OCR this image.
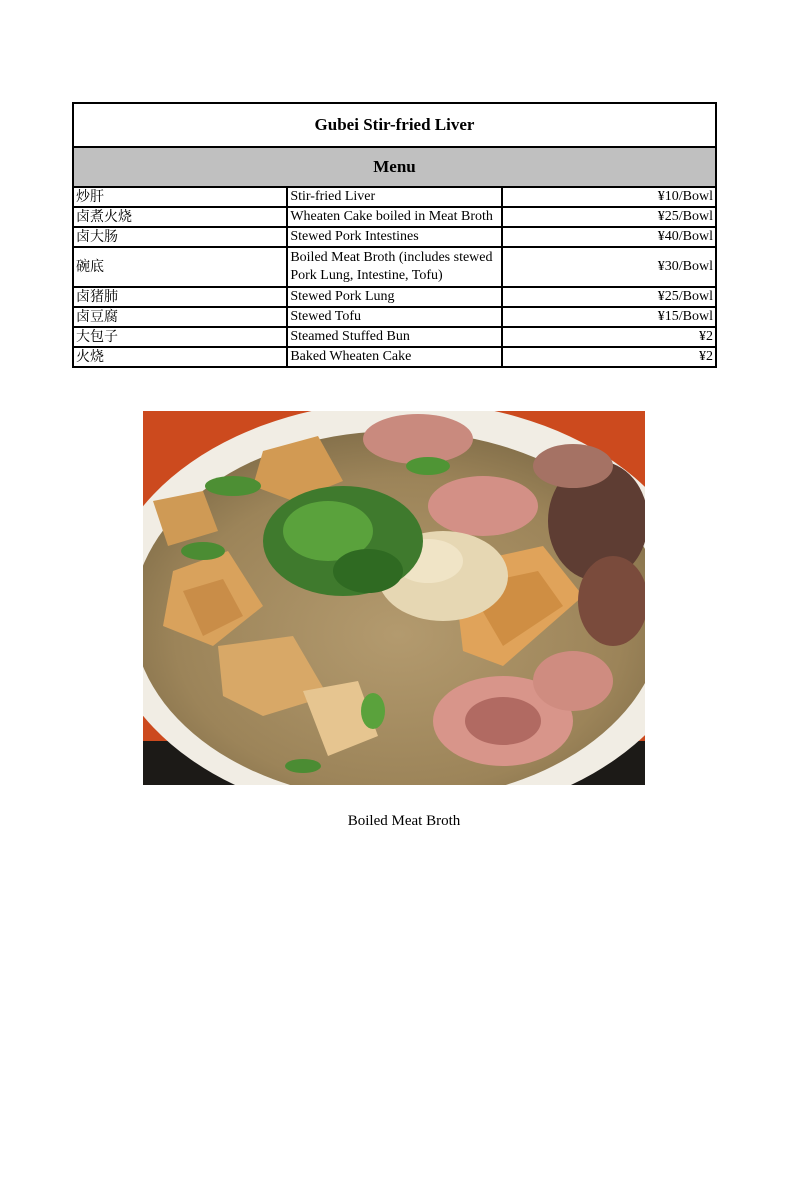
Gubei Stir-fried Liver		
Menu		
炒肝	Stir-fried Liver	¥10/Bowl
卤煮火烧	Wheaten Cake boiled in Meat Broth	¥25/Bowl
卤大肠	Stewed Pork Intestines	¥40/Bowl
碗底	Boiled Meat Broth (includes stewed Pork Lung, Intestine, Tofu)	¥30/Bowl
卤猪肺	Stewed Pork Lung	¥25/Bowl
卤豆腐	Stewed Tofu	¥15/Bowl
大包子	Steamed Stuffed Bun	¥2
火烧	Baked Wheaten Cake	¥2
Boiled Meat Broth
